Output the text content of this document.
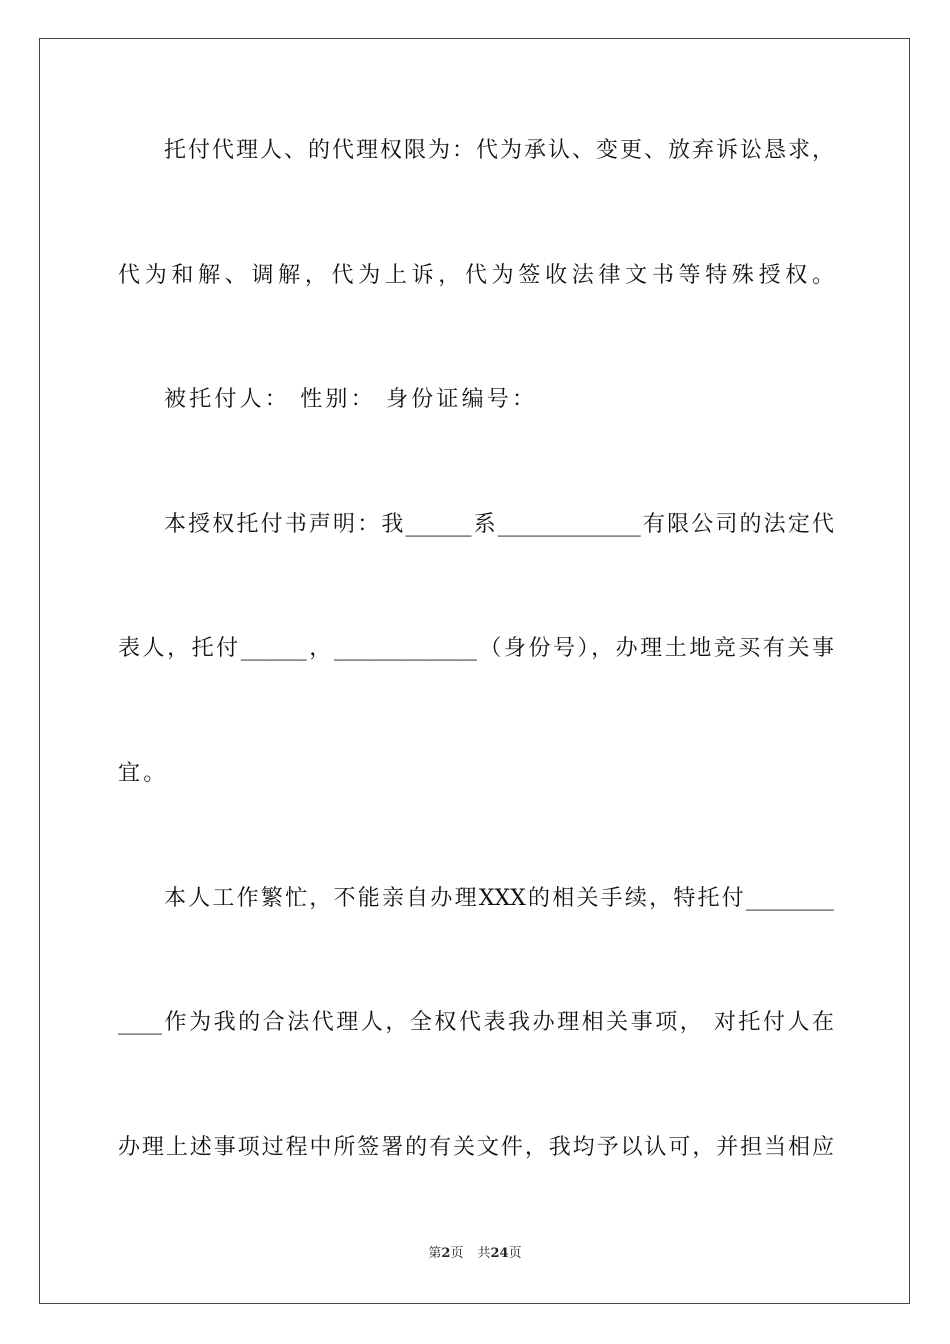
托付代理人、的代理权限为：代为承认、变更、放弃诉讼恳求，
代为和解、调解，代为上诉，代为签收法律文书等特殊授权。
被托付人： 性别： 身份证编号：
本授权托付书声明：我______系_____________有限公司的法定代
表人，托付______，_____________（身份号），办理土地竞买有关事
宜。
本人工作繁忙，不能亲自办理XXX的相关手续，特托付________
____作为我的合法代理人，全权代表我办理相关事项， 对托付人在
办理上述事项过程中所签署的有关文件，我均予以认可，并担当相应
第2页 共24页
